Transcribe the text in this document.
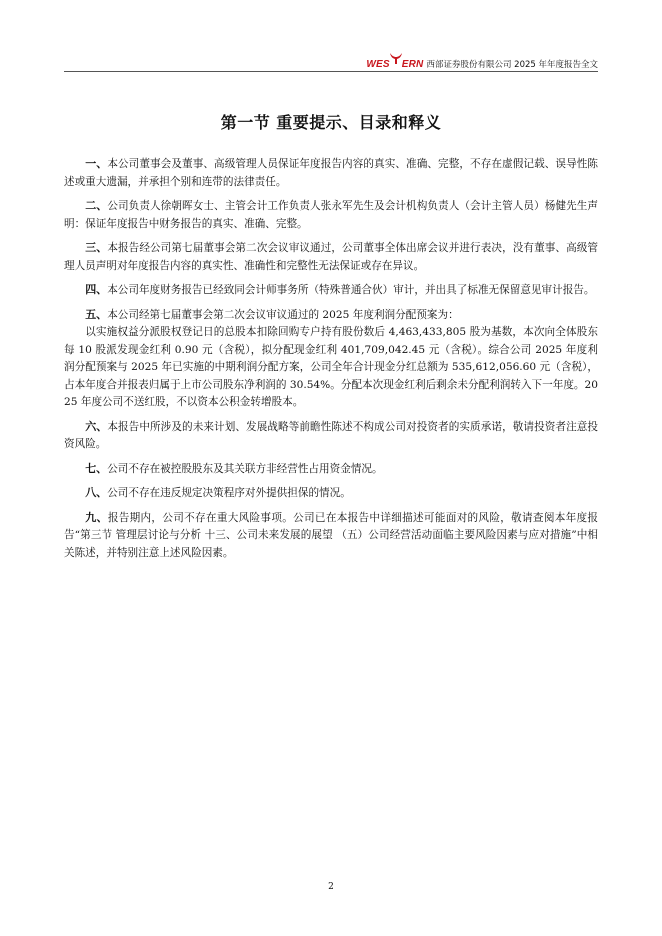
WES ERN 西部证券股份有限公司 2025 年年度报告全文
第一节 重要提示、目录和释义

一、本公司董事会及董事、高级管理人员保证年度报告内容的真实、准确、完整，不存在虚假记载、误导性陈述或重大遗漏，并承担个别和连带的法律责任。

二、公司负责人徐朝晖女士、主管会计工作负责人张永军先生及会计机构负责人（会计主管人员）杨健先生声明：保证年度报告中财务报告的真实、准确、完整。

三、本报告经公司第七届董事会第二次会议审议通过，公司董事全体出席会议并进行表决，没有董事、高级管理人员声明对年度报告内容的真实性、准确性和完整性无法保证或存在异议。

四、本公司年度财务报告已经致同会计师事务所（特殊普通合伙）审计，并出具了标准无保留意见审计报告。

五、本公司经第七届董事会第二次会议审议通过的 2025 年度利润分配预案为：

以实施权益分派股权登记日的总股本扣除回购专户持有股份数后 4,463,433,805 股为基数，本次向全体股东每 10 股派发现金红利 0.90 元（含税），拟分配现金红利 401,709,042.45 元（含税）。综合公司 2025 年度利润分配预案与 2025 年已实施的中期利润分配方案，公司全年合计现金分红总额为 535,612,056.60 元（含税），占本年度合并报表归属于上市公司股东净利润的 30.54%。分配本次现金红利后剩余未分配利润转入下一年度。2025 年度公司不送红股，不以资本公积金转增股本。

六、本报告中所涉及的未来计划、发展战略等前瞻性陈述不构成公司对投资者的实质承诺，敬请投资者注意投资风险。

七、公司不存在被控股股东及其关联方非经营性占用资金情况。

八、公司不存在违反规定决策程序对外提供担保的情况。

九、报告期内，公司不存在重大风险事项。公司已在本报告中详细描述可能面对的风险，敬请查阅本年度报告“第三节 管理层讨论与分析 十三、公司未来发展的展望 （五）公司经营活动面临主要风险因素与应对措施”中相关陈述，并特别注意上述风险因素。

2
